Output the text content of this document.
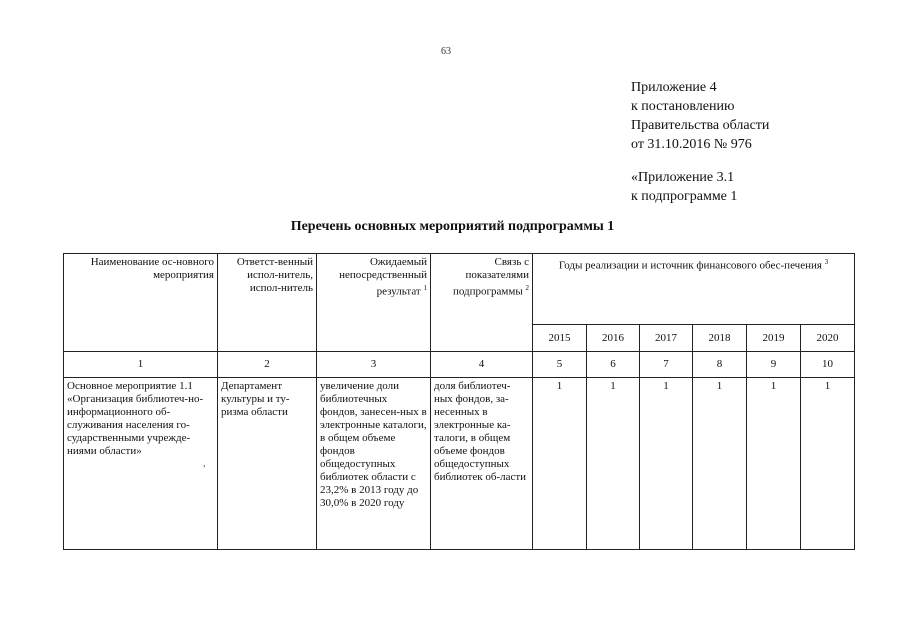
63
Приложение 4
к постановлению
Правительства области
от 31.10.2016 № 976
«Приложение 3.1
к подпрограмме 1
Перечень основных мероприятий подпрограммы 1
Наименование ос-новного мероприятия	Ответст-венный испол-нитель, испол-нитель	Ожидаемый непосредственный результат $^1$	Связь с показателями подпрограммы $^2$	Годы реализации и источник финансового обес-печения $^3$
				2015	2016	2017	2018	2019	2020
1	2	3	4	5	6	7	8	9	10
Основное мероприятие 1.1 «Организация библиотеч-но-информационного об-служивания населения го-сударственными учрежде-ниями области»	Департамент культуры и ту-ризма области	увеличение доли библиотечных фондов, занесен-ных в электронные каталоги, в общем объеме фондов общедоступных библиотек области с 23,2% в 2013 году до 30,0% в 2020 году	доля библиотеч-ных фондов, за-несенных в электронные ка-талоги, в общем объеме фондов общедоступных библиотек об-ласти	1	1	1	1	1	1
,
